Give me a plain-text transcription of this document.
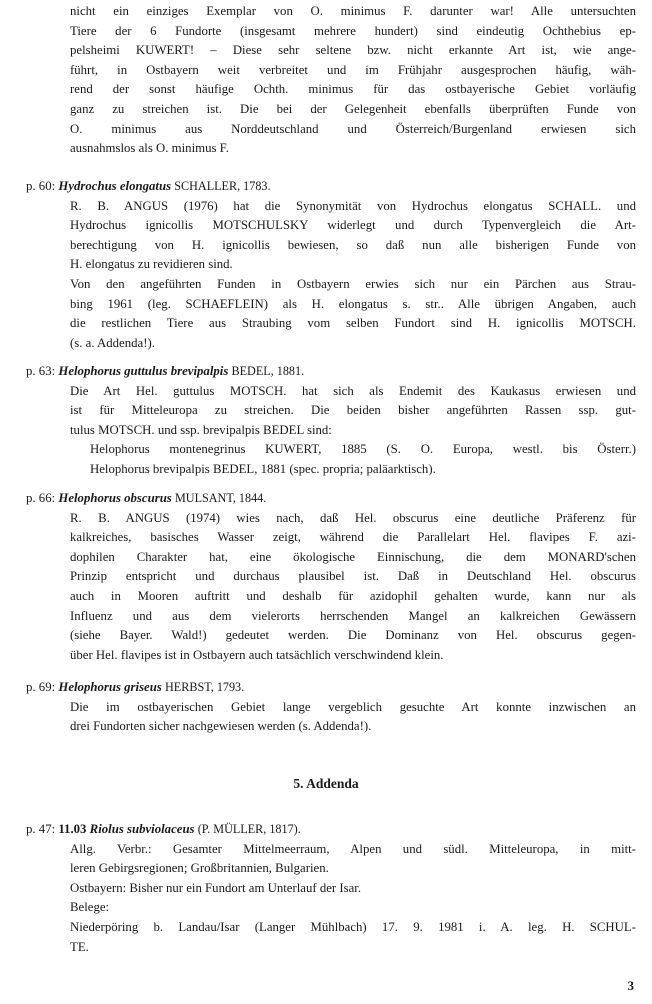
nicht ein einziges Exemplar von O. minimus F. darunter war! Alle untersuchten
Tiere der 6 Fundorte (insgesamt mehrere hundert) sind eindeutig Ochthebius ep-
pelsheimi KUWERT! – Diese sehr seltene bzw. nicht erkannte Art ist, wie ange-
führt, in Ostbayern weit verbreitet und im Frühjahr ausgesprochen häufig, wäh-
rend der sonst häufige Ochth. minimus für das ostbayerische Gebiet vorläufig
ganz zu streichen ist. Die bei der Gelegenheit ebenfalls überprüften Funde von
O. minimus aus Norddeutschland und Österreich/Burgenland erwiesen sich
ausnahmslos als O. minimus F.
p. 60: Hydrochus elongatus SCHALLER, 1783.
R. B. ANGUS (1976) hat die Synonymität von Hydrochus elongatus SCHALL. und
Hydrochus ignicollis MOTSCHULSKY widerlegt und durch Typenvergleich die Art-
berechtigung von H. ignicollis bewiesen, so daß nun alle bisherigen Funde von
H. elongatus zu revidieren sind.
Von den angeführten Funden in Ostbayern erwies sich nur ein Pärchen aus Strau-
bing 1961 (leg. SCHAEFLEIN) als H. elongatus s. str.. Alle übrigen Angaben, auch
die restlichen Tiere aus Straubing vom selben Fundort sind H. ignicollis MOTSCH.
(s. a. Addenda!).
p. 63: Helophorus guttulus brevipalpis BEDEL, 1881.
Die Art Hel. guttulus MOTSCH. hat sich als Endemit des Kaukasus erwiesen und
ist für Mitteleuropa zu streichen. Die beiden bisher angeführten Rassen ssp. gut-
tulus MOTSCH. und ssp. brevipalpis BEDEL sind:
Helophorus montenegrinus KUWERT, 1885 (S. O. Europa, westl. bis Österr.)
Helophorus brevipalpis BEDEL, 1881 (spec. propria; paläarktisch).
p. 66: Helophorus obscurus MULSANT, 1844.
R. B. ANGUS (1974) wies nach, daß Hel. obscurus eine deutliche Präferenz für
kalkreiches, basisches Wasser zeigt, während die Parallelart Hel. flavipes F. azi-
dophilen Charakter hat, eine ökologische Einnischung, die dem MONARD'schen
Prinzip entspricht und durchaus plausibel ist. Daß in Deutschland Hel. obscurus
auch in Mooren auftritt und deshalb für azidophil gehalten wurde, kann nur als
Influenz und aus dem vielerorts herrschenden Mangel an kalkreichen Gewässern
(siehe Bayer. Wald!) gedeutet werden. Die Dominanz von Hel. obscurus gegen-
über Hel. flavipes ist in Ostbayern auch tatsächlich verschwindend klein.
p. 69: Helophorus griseus HERBST, 1793.
Die im ostbayerischen Gebiet lange vergeblich gesuchte Art konnte inzwischen an
drei Fundorten sicher nachgewiesen werden (s. Addenda!).
5. Addenda
p. 47: 11.03 Riolus subviolaceus (P. MÜLLER, 1817).
Allg. Verbr.: Gesamter Mittelmeerraum, Alpen und südl. Mitteleuropa, in mitt-
leren Gebirgsregionen; Großbritannien, Bulgarien.
Ostbayern: Bisher nur ein Fundort am Unterlauf der Isar.
Belege:
Niederpöring b. Landau/Isar (Langer Mühlbach) 17. 9. 1981 i. A. leg. H. SCHUL-
TE.
3
